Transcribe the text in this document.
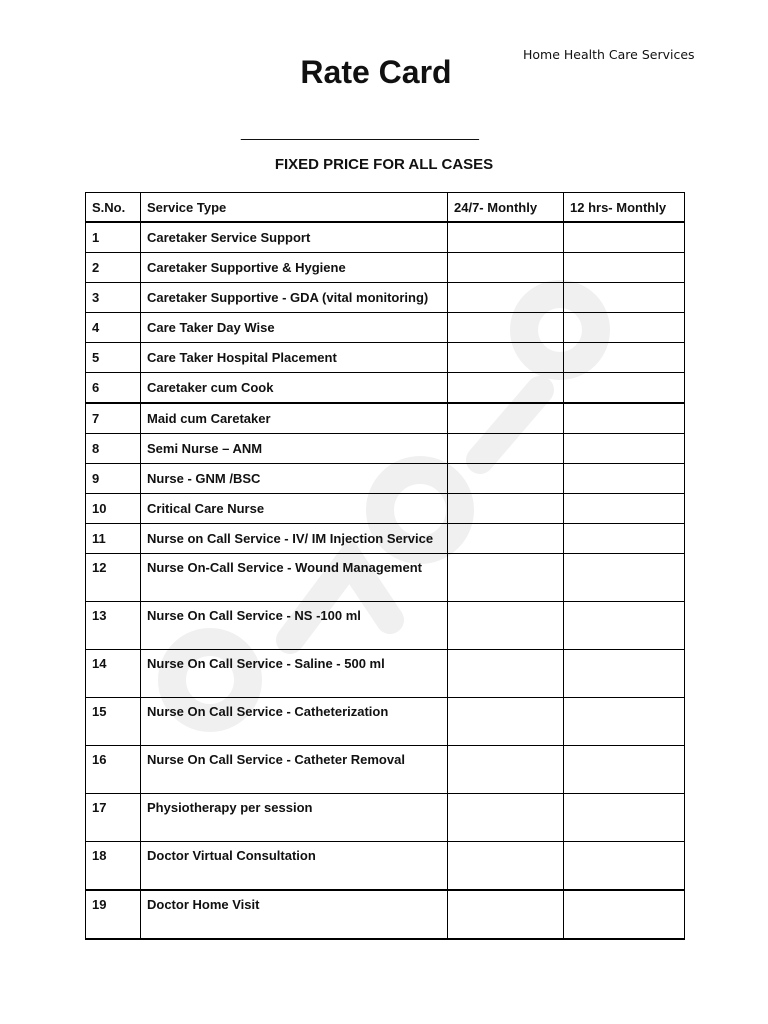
Home Health Care Services
Rate Card
______________________________
FIXED PRICE FOR ALL CASES
S.No.	Service Type	24/7- Monthly	12 hrs- Monthly
1	Caretaker Service Support		
2	Caretaker Supportive & Hygiene		
3	Caretaker Supportive - GDA (vital monitoring)		
4	Care Taker Day Wise		
5	Care Taker Hospital Placement		
6	Caretaker cum Cook		
7	Maid cum Caretaker		
8	Semi Nurse – ANM		
9	Nurse - GNM /BSC		
10	Critical Care Nurse		
11	Nurse on Call Service - IV/ IM Injection Service		
12	Nurse On-Call Service - Wound Management		
13	Nurse On Call Service - NS -100 ml		
14	Nurse On Call Service - Saline - 500 ml		
15	Nurse On Call Service - Catheterization		
16	Nurse On Call Service - Catheter Removal		
17	Physiotherapy per session		
18	Doctor Virtual Consultation		
19	Doctor Home Visit		
